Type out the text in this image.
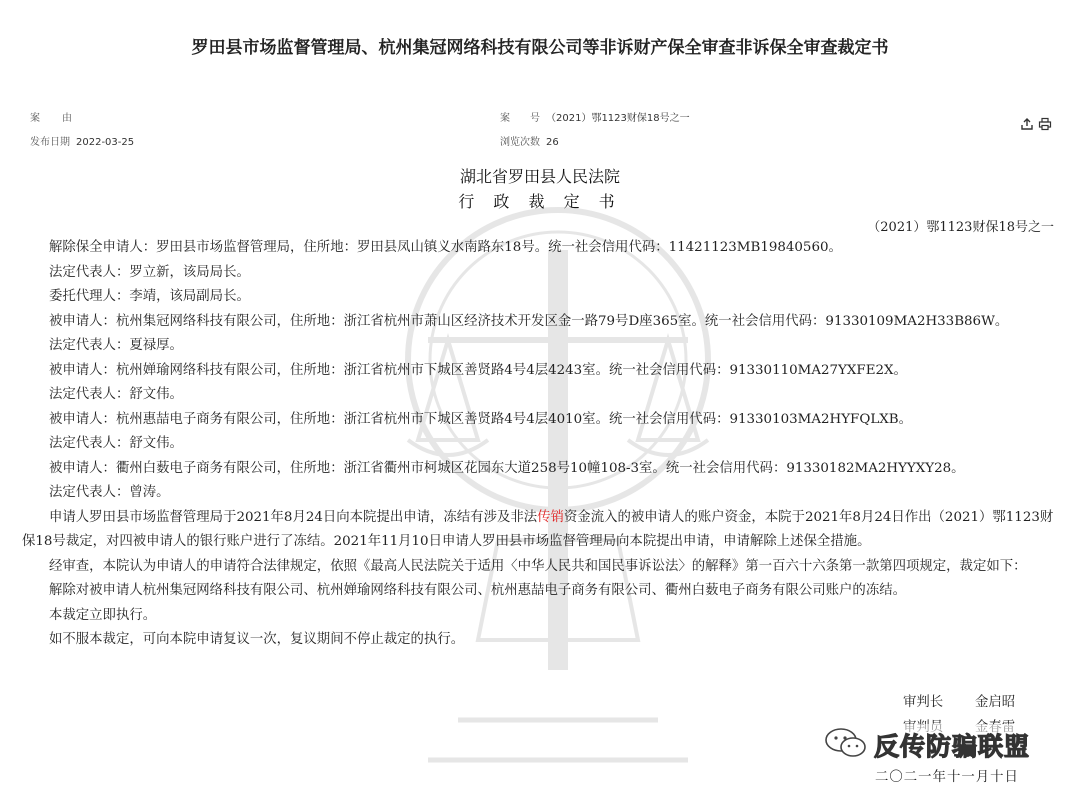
罗田县市场监督管理局、杭州集冠网络科技有限公司等非诉财产保全审查非诉保全审查裁定书
案由
发布日期 2022-03-25
案　　号 （2021）鄂1123财保18号之一
浏览次数 26
湖北省罗田县人民法院
行 政 裁 定 书
（2021）鄂1123财保18号之一

解除保全申请人：罗田县市场监督管理局，住所地：罗田县凤山镇义水南路东18号。统一社会信用代码：11421123MB19840560。

法定代表人：罗立新，该局局长。

委托代理人：李靖，该局副局长。

被申请人：杭州集冠网络科技有限公司，住所地：浙江省杭州市萧山区经济技术开发区金一路79号D座365室。统一社会信用代码：91330109MA2H33B86W。

法定代表人：夏禄厚。

被申请人：杭州婵瑜网络科技有限公司，住所地：浙江省杭州市下城区善贤路4号4层4243室。统一社会信用代码：91330110MA27YXFE2X。

法定代表人：舒文伟。

被申请人：杭州惠喆电子商务有限公司，住所地：浙江省杭州市下城区善贤路4号4层4010室。统一社会信用代码：91330103MA2HYFQLXB。

法定代表人：舒文伟。

被申请人：衢州白薮电子商务有限公司，住所地：浙江省衢州市柯城区花园东大道258号10幢108-3室。统一社会信用代码：91330182MA2HYYXY28。

法定代表人：曾涛。

申请人罗田县市场监督管理局于2021年8月24日向本院提出申请，冻结有涉及非法传销资金流入的被申请人的账户资金，本院于2021年8月24日作出（2021）鄂1123财保18号裁定，对四被申请人的银行账户进行了冻结。2021年11月10日申请人罗田县市场监督管理局向本院提出申请，申请解除上述保全措施。

经审查，本院认为申请人的申请符合法律规定，依照《最高人民法院关于适用〈中华人民共和国民事诉讼法〉的解释》第一百六十六条第一款第四项规定，裁定如下：

解除对被申请人杭州集冠网络科技有限公司、杭州婵瑜网络科技有限公司、杭州惠喆电子商务有限公司、衢州白薮电子商务有限公司账户的冻结。

本裁定立即执行。

如不服本裁定，可向本院申请复议一次，复议期间不停止裁定的执行。

审判长 金启昭
反传防骗联盟
二〇二一年十一月十日
